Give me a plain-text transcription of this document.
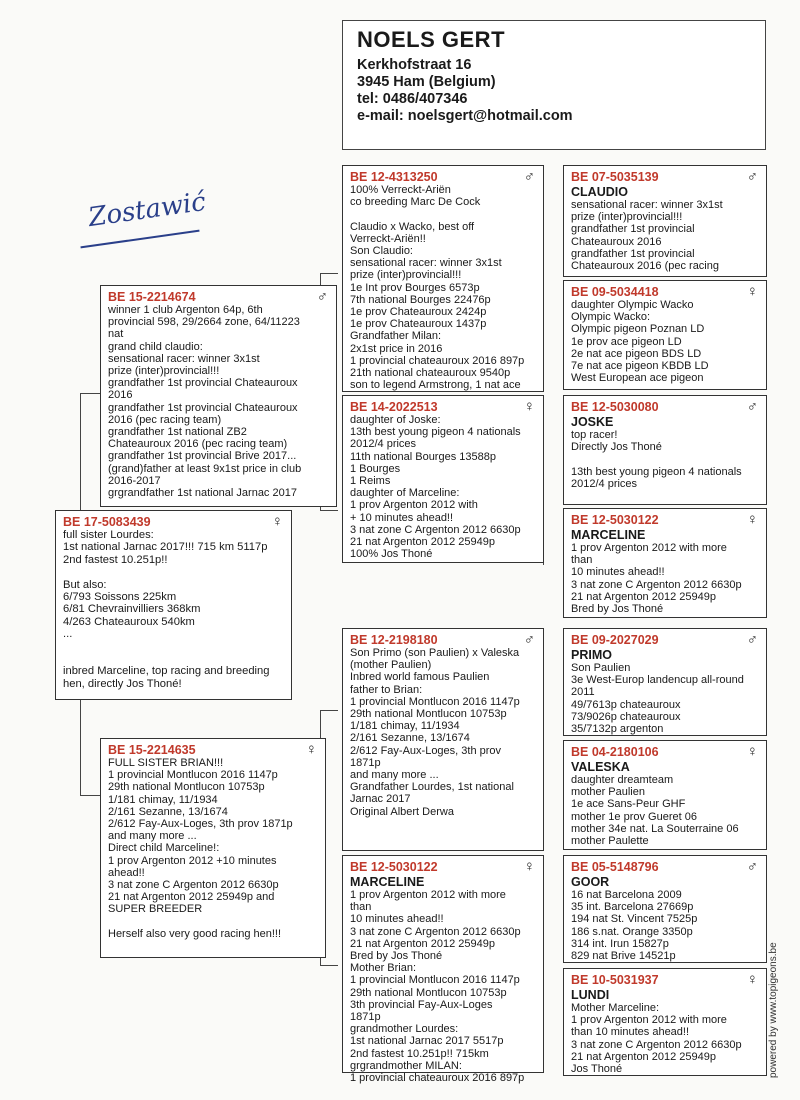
NOELS GERT
Kerkhofstraat 16
3945 Ham (Belgium)
tel: 0486/407346
e-mail: noelsgert@hotmail.com
Zostawić
BE 17-5083439	♀
full sister Lourdes:
1st national Jarnac 2017!!! 715 km 5117p
2nd fastest 10.251p!!

But also:
6/793 Soissons 225km
6/81 Chevrainvilliers 368km
4/263 Chateauroux 540km
...

inbred Marceline, top racing and breeding
hen, directly Jos Thoné!
BE 15-2214674	♂
winner 1 club Argenton 64p, 6th
provincial 598, 29/2664 zone, 64/11223
nat
grand child claudio:
sensational racer: winner 3x1st
prize (inter)provincial!!!
grandfather 1st provincial Chateauroux
2016
grandfather 1st provincial Chateauroux
2016 (pec racing team)
grandfather 1st national ZB2
Chateauroux 2016 (pec racing team)
grandfather 1st provincial Brive 2017...
(grand)father at least 9x1st price in club
2016-2017
grgrandfather 1st national Jarnac 2017
BE 15-2214635	♀
FULL SISTER BRIAN!!!
1 provincial Montlucon 2016 1147p
29th national Montlucon 10753p
1/181 chimay, 11/1934
2/161 Sezanne, 13/1674
2/612 Fay-Aux-Loges, 3th prov 1871p
and many more ...
Direct child Marceline!:
1 prov Argenton 2012 +10 minutes
ahead!!
3 nat zone C Argenton 2012 6630p
21 nat Argenton 2012 25949p and
SUPER BREEDER

Herself also very good racing hen!!!
BE 12-4313250	♂
100% Verreckt-Ariën
co breeding Marc De Cock

Claudio x Wacko, best off
Verreckt-Ariën!!
Son Claudio:
sensational racer: winner 3x1st
prize (inter)provincial!!!
1e Int prov Bourges 6573p
7th national Bourges 22476p
1e prov Chateauroux 2424p
1e prov Chateauroux 1437p
Grandfather Milan:
2x1st price in 2016
1 provincial chateauroux 2016 897p
21th national chateauroux 9540p
son to legend Armstrong, 1 nat ace
BE 14-2022513	♀
daughter of Joske:
13th best young pigeon 4 nationals
2012/4 prices
11th national Bourges 13588p
1 Bourges
1 Reims
daughter of Marceline:
1 prov Argenton 2012 with
+ 10 minutes ahead!!
3 nat zone C Argenton 2012 6630p
21 nat Argenton 2012 25949p
100% Jos Thoné
BE 12-2198180	♂
Son Primo (son Paulien) x Valeska
(mother Paulien)
Inbred world famous Paulien
father to Brian:
1 provincial Montlucon 2016 1147p
29th national Montlucon 10753p
1/181 chimay, 11/1934
2/161 Sezanne, 13/1674
2/612 Fay-Aux-Loges, 3th prov
1871p
and many more ...
Grandfather Lourdes, 1st national
Jarnac 2017
Original Albert Derwa
BE 12-5030122	♀
MARCELINE
1 prov Argenton 2012 with more
than
10 minutes ahead!!
3 nat zone C Argenton 2012 6630p
21 nat Argenton 2012 25949p
Bred by Jos Thoné
Mother Brian:
1 provincial Montlucon 2016 1147p
29th national Montlucon 10753p
3th provincial Fay-Aux-Loges
1871p
grandmother Lourdes:
1st national Jarnac 2017 5517p
2nd fastest 10.251p!! 715km
grgrandmother MILAN:
1 provincial chateauroux 2016 897p
BE 07-5035139	♂
CLAUDIO
sensational racer: winner 3x1st
prize (inter)provincial!!!
grandfather 1st provincial
Chateauroux 2016
grandfather 1st provincial
Chateauroux 2016 (pec racing
BE 09-5034418	♀
daughter Olympic Wacko
Olympic Wacko:
Olympic pigeon Poznan LD
1e prov ace pigeon LD
2e nat ace pigeon BDS LD
7e nat ace pigeon KBDB LD
West European ace pigeon
BE 12-5030080	♂
JOSKE
top racer!
Directly Jos Thoné

13th best young pigeon 4 nationals
2012/4 prices
BE 12-5030122	♀
MARCELINE
1 prov Argenton 2012 with more
than
10 minutes ahead!!
3 nat zone C Argenton 2012 6630p
21 nat Argenton 2012 25949p
Bred by Jos Thoné
BE 09-2027029	♂
PRIMO
Son Paulien
3e West-Europ landencup all-round
2011
49/7613p chateauroux
73/9026p chateauroux
35/7132p argenton
BE 04-2180106	♀
VALESKA
daughter dreamteam
mother Paulien
1e ace Sans-Peur GHF
mother 1e prov Gueret 06
mother 34e nat. La Souterraine 06
mother Paulette
BE 05-5148796	♂
GOOR
16 nat Barcelona 2009
35 int. Barcelona 27669p
194 nat St. Vincent 7525p
186 s.nat. Orange 3350p
314 int. Irun 15827p
829 nat Brive 14521p
BE 10-5031937	♀
LUNDI
Mother Marceline:
1 prov Argenton 2012 with more
than 10 minutes ahead!!
3 nat zone C Argenton 2012 6630p
21 nat Argenton 2012 25949p
Jos Thoné	powered by www.topigeons.be
